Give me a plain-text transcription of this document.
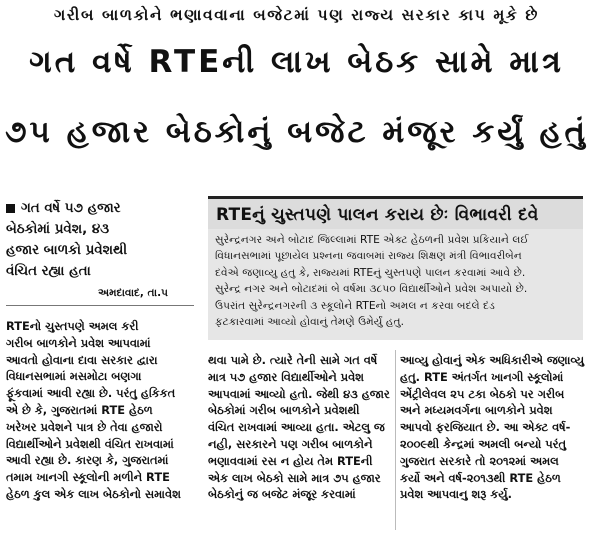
ગરીબ બાળકોને ભણાવવાના બજેટમાં પણ રાજ્ય સરકાર કાપ મૂકે છે
ગત વર્ષે RTEની લાખ બેઠક સામે માત્ર
૭૫ હજાર બેઠકોનું બજેટ મંજૂર કર્યું હતું

ગત વર્ષે ૫૭ હજાર

બેઠકોમાં પ્રવેશ, ૪૩

હજાર બાળકો પ્રવેશથી

વંચિત રહ્યા હતા

અમદાવાદ, તા.પ
RTEનું ચુસ્તપણે પાલન કરાય છેઃ વિભાવરી દવે

સુરેન્દ્રનગર અને બોટાદ જિલ્લામાં RTE એક્ટ હેઠળની પ્રવેશ પ્રકિયાને લઈ
વિધાનસભામાં પૂછાયેલ પ્રશ્નના જવાબમાં રાજ્ય શિક્ષણ મંત્રી વિભાવરીબેન
દવેએ જણાવ્યુ હતુ કે, રાજ્યમાં RTEનું ચુસ્તપણે પાલન કરવામાં આવે છે.
સુરેન્દ્ર નગર અને બોટાદમાં બે વર્ષમા ૩૮૫૦ વિદ્યાર્થીઓને પ્રવેશ અપાયો છે.
ઉપરાંત સુરેન્દ્રનગરની ૩ સ્કૂલોને RTEનો અમલ ન કરવા બદલે દંડ
ફટકારવામાં આવ્યો હોવાનું તેમણે ઉમેર્યું હતુ.

RTEનો ચુસ્તપણે અમલ કરી
ગરીબ બાળકોને પ્રવેશ આપવામાં
આવતો હોવાના દાવા સરકાર દ્વારા
વિધાનસભામાં મસમોટા બણગા
ફૂંકવામાં આવી રહ્યા છે. પરંતુ હકિકત
એ છે કે, ગુજરાતમાં RTE હેઠળ
ખરેખર પ્રવેશને પાત્ર છે તેવા હજારો
વિદ્યાર્થીઓને પ્રવેશથી વંચિત રાખવામાં
આવી રહ્યા છે. કારણ કે, ગુજરાતમાં
તમામ ખાનગી સ્કૂલોની મળીને RTE
હેઠળ કુલ એક લાખ બેઠકોનો સમાવેશ
થવા પામે છે. ત્યારે તેની સામે ગત વર્ષે
માત્ર ૫૭ હજાર વિદ્યાર્થીઓને પ્રવેશ
આપવામાં આવ્યો હતો. જેથી ૪૩ હજાર
બેઠકોમાં ગરીબ બાળકોને પ્રવેશથી
વંચિત રાખવામાં આવ્યા હતા. એટલુ જ
નહી, સરકારને પણ ગરીબ બાળકોને
ભણાવવામાં રસ ન હોય તેમ RTEની
એક લાખ બેઠકો સામે માત્ર ૭૫ હજાર
બેઠકોનું જ બજેટ મંજૂર કરવામાં
આવ્યુ હોવાનું એક અધિકારીએ જણાવ્યુ
હતુ. RTE અંતર્ગત ખાનગી સ્કૂલોમાં
એંટ્રીલેવલ ૨૫ ટકા બેઠકો પર ગરીબ
અને મધ્યમવર્ગના બાળકોને પ્રવેશ
આપવો ફરજિયાત છે. આ એક્ટ વર્ષ-
૨૦૦૯થી કેન્દ્રમાં અમલી બન્યો પરંતુ
ગુજરાત સરકારે તો ૨૦૧૨માં અમલ
કર્યો અને વર્ષ-૨૦૧૩થી RTE હેઠળ
પ્રવેશ આપવાનુ શરૂ કર્યુ.
